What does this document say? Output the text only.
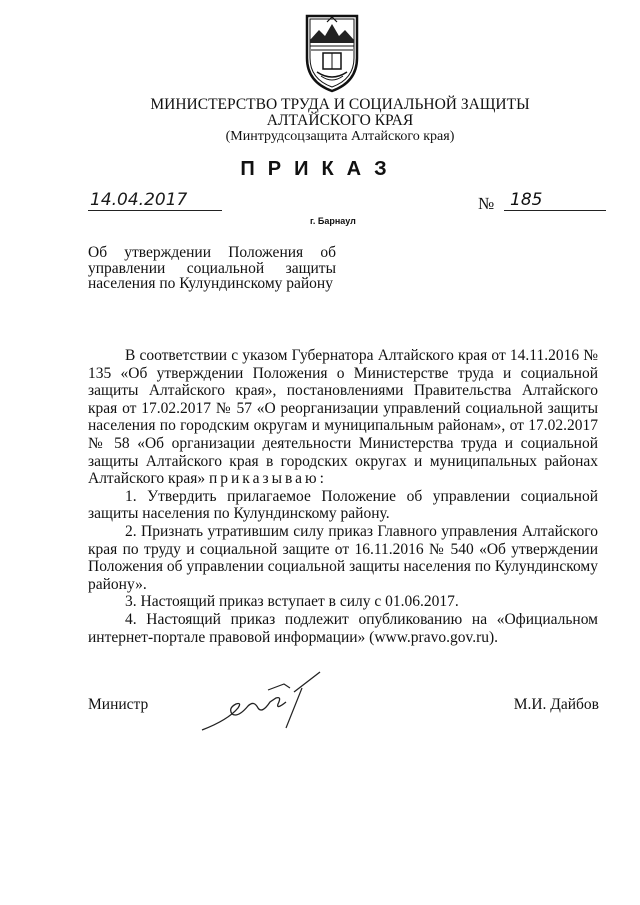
МИНИСТЕРСТВО ТРУДА И СОЦИАЛЬНОЙ ЗАЩИТЫ
АЛТАЙСКОГО КРАЯ
(Минтрудсоцзащита Алтайского края)
ПРИКАЗ
14.04.2017	№ 185
г. Барнаул
Об утверждении Положения об управлении социальной защиты населения по Кулундинскому району

В соответствии с указом Губернатора Алтайского края от 14.11.2016 № 135 «Об утверждении Положения о Министерстве труда и социальной защиты Алтайского края», постановлениями Правительства Алтайского края от 17.02.2017 № 57 «О реорганизации управлений социальной защиты населения по городским округам и муниципальным районам», от 17.02.2017 № 58 «Об организации деятельности Министерства труда и социальной защиты Алтайского края в городских округах и муниципальных районах Алтайского края» приказываю:

1. Утвердить прилагаемое Положение об управлении социальной защиты населения по Кулундинскому району.

2. Признать утратившим силу приказ Главного управления Алтайского края по труду и социальной защите от 16.11.2016 № 540 «Об утверждении Положения об управлении социальной защиты населения по Кулундинскому району».

3. Настоящий приказ вступает в силу с 01.06.2017.

4. Настоящий приказ подлежит опубликованию на «Официальном интернет-портале правовой информации» (www.pravo.gov.ru).

Министр	М.И. Дайбов
